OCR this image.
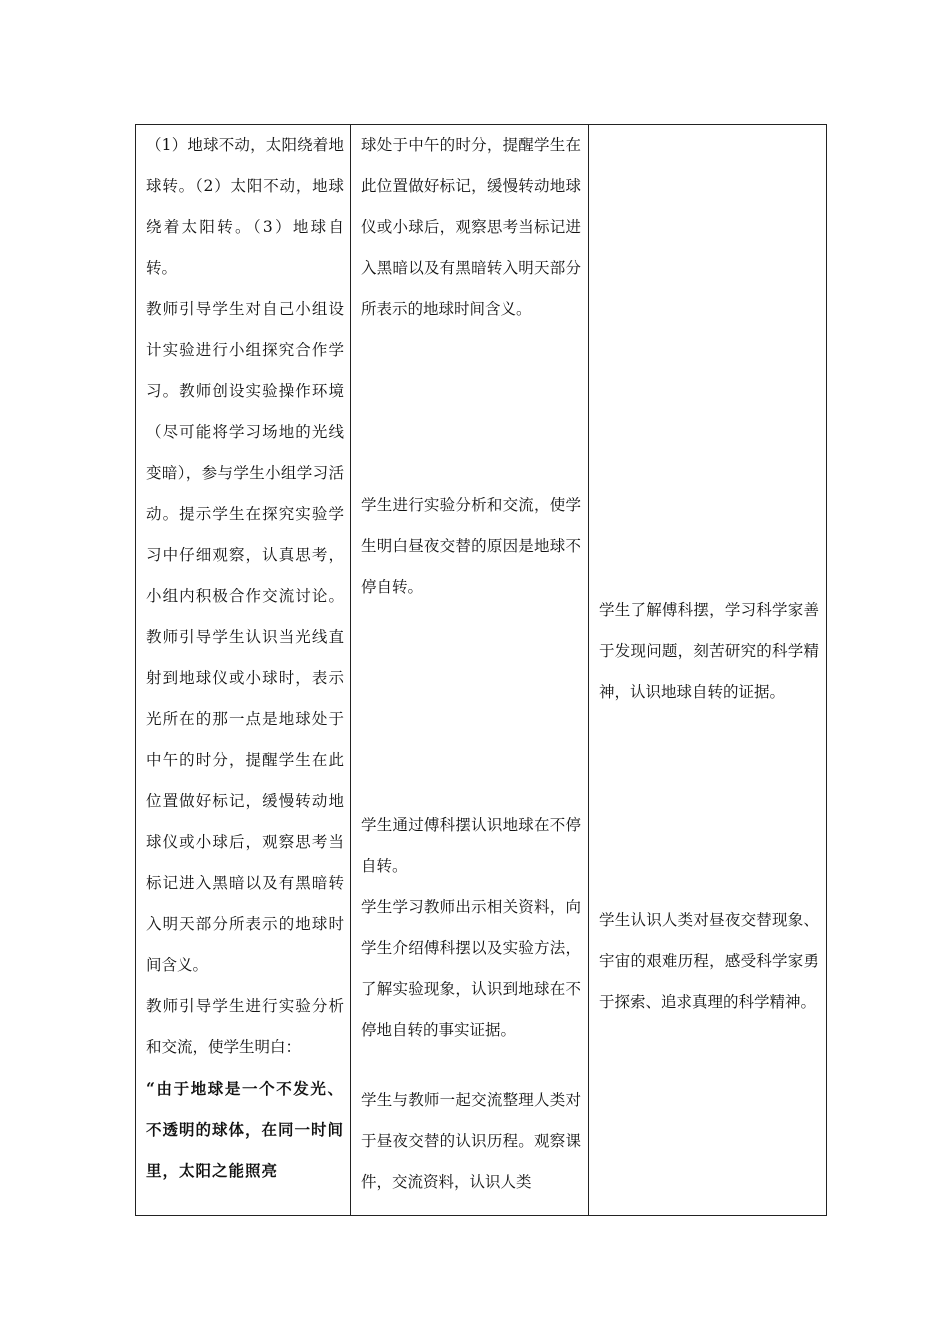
（1）地球不动，太阳绕着地球转。（2）太阳不动，地球绕着太阳转。（3）地球自转。

教师引导学生对自己小组设计实验进行小组探究合作学习。教师创设实验操作环境（尽可能将学习场地的光线变暗），参与学生小组学习活动。提示学生在探究实验学习中仔细观察，认真思考，小组内积极合作交流讨论。教师引导学生认识当光线直射到地球仪或小球时，表示光所在的那一点是地球处于中午的时分，提醒学生在此位置做好标记，缓慢转动地球仪或小球后，观察思考当标记进入黑暗以及有黑暗转入明天部分所表示的地球时间含义。

教师引导学生进行实验分析和交流，使学生明白：

“由于地球是一个不发光、不透明的球体，在同一时间里，太阳之能照亮

球处于中午的时分，提醒学生在此位置做好标记，缓慢转动地球仪或小球后，观察思考当标记进入黑暗以及有黑暗转入明天部分所表示的地球时间含义。
学生进行实验分析和交流，使学生明白昼夜交替的原因是地球不停自转。

学生通过傅科摆认识地球在不停自转。

学生学习教师出示相关资料，向学生介绍傅科摆以及实验方法，了解实验现象，认识到地球在不停地自转的事实证据。

学生与教师一起交流整理人类对于昼夜交替的认识历程。观察课件，交流资料，认识人类
学生了解傅科摆，学习科学家善于发现问题，刻苦研究的科学精神，认识地球自转的证据。
学生认识人类对昼夜交替现象、宇宙的艰难历程，感受科学家勇于探索、追求真理的科学精神。
